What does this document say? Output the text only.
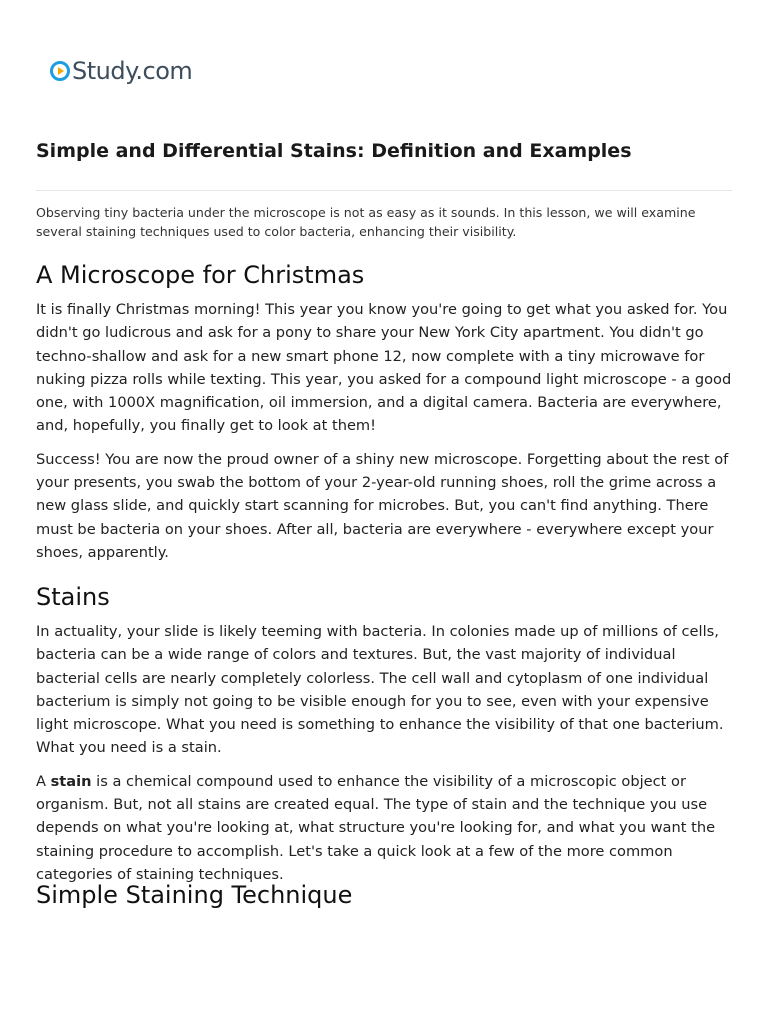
Study.com
Simple and Differential Stains: Definition and Examples

Observing tiny bacteria under the microscope is not as easy as it sounds. In this lesson, we will examine several staining techniques used to color bacteria, enhancing their visibility.

A Microscope for Christmas

It is finally Christmas morning! This year you know you're going to get what you asked for. You didn't go ludicrous and ask for a pony to share your New York City apartment. You didn't go techno-shallow and ask for a new smart phone 12, now complete with a tiny microwave for nuking pizza rolls while texting. This year, you asked for a compound light microscope - a good one, with 1000X magnification, oil immersion, and a digital camera. Bacteria are everywhere, and, hopefully, you finally get to look at them!

Success! You are now the proud owner of a shiny new microscope. Forgetting about the rest of your presents, you swab the bottom of your 2-year-old running shoes, roll the grime across a new glass slide, and quickly start scanning for microbes. But, you can't find anything. There must be bacteria on your shoes. After all, bacteria are everywhere - everywhere except your shoes, apparently.

Stains

In actuality, your slide is likely teeming with bacteria. In colonies made up of millions of cells, bacteria can be a wide range of colors and textures. But, the vast majority of individual bacterial cells are nearly completely colorless. The cell wall and cytoplasm of one individual bacterium is simply not going to be visible enough for you to see, even with your expensive light microscope. What you need is something to enhance the visibility of that one bacterium. What you need is a stain.

A stain is a chemical compound used to enhance the visibility of a microscopic object or organism. But, not all stains are created equal. The type of stain and the technique you use depends on what you're looking at, what structure you're looking for, and what you want the staining procedure to accomplish. Let's take a quick look at a few of the more common categories of staining techniques.

Simple Staining Technique
